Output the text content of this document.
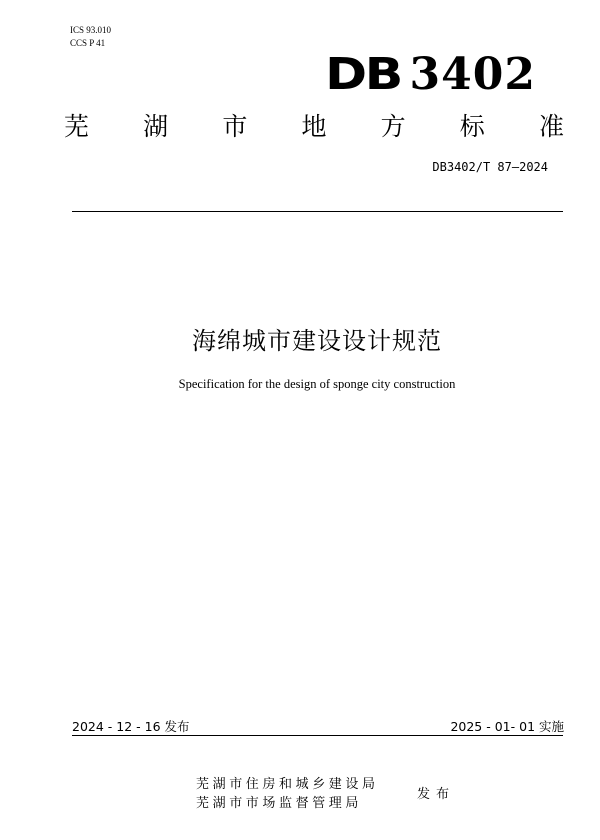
ICS 93.010
CCS P 41
DB 3402
芜 湖 市 地 方 标 准
DB3402/T 87—2024
海绵城市建设设计规范
Specification for the design of sponge city construction
2024 - 12 - 16 发布	2025 - 01- 01 实施
芜湖市住房和城乡建设局
芜湖市市场监督管理局
发布
